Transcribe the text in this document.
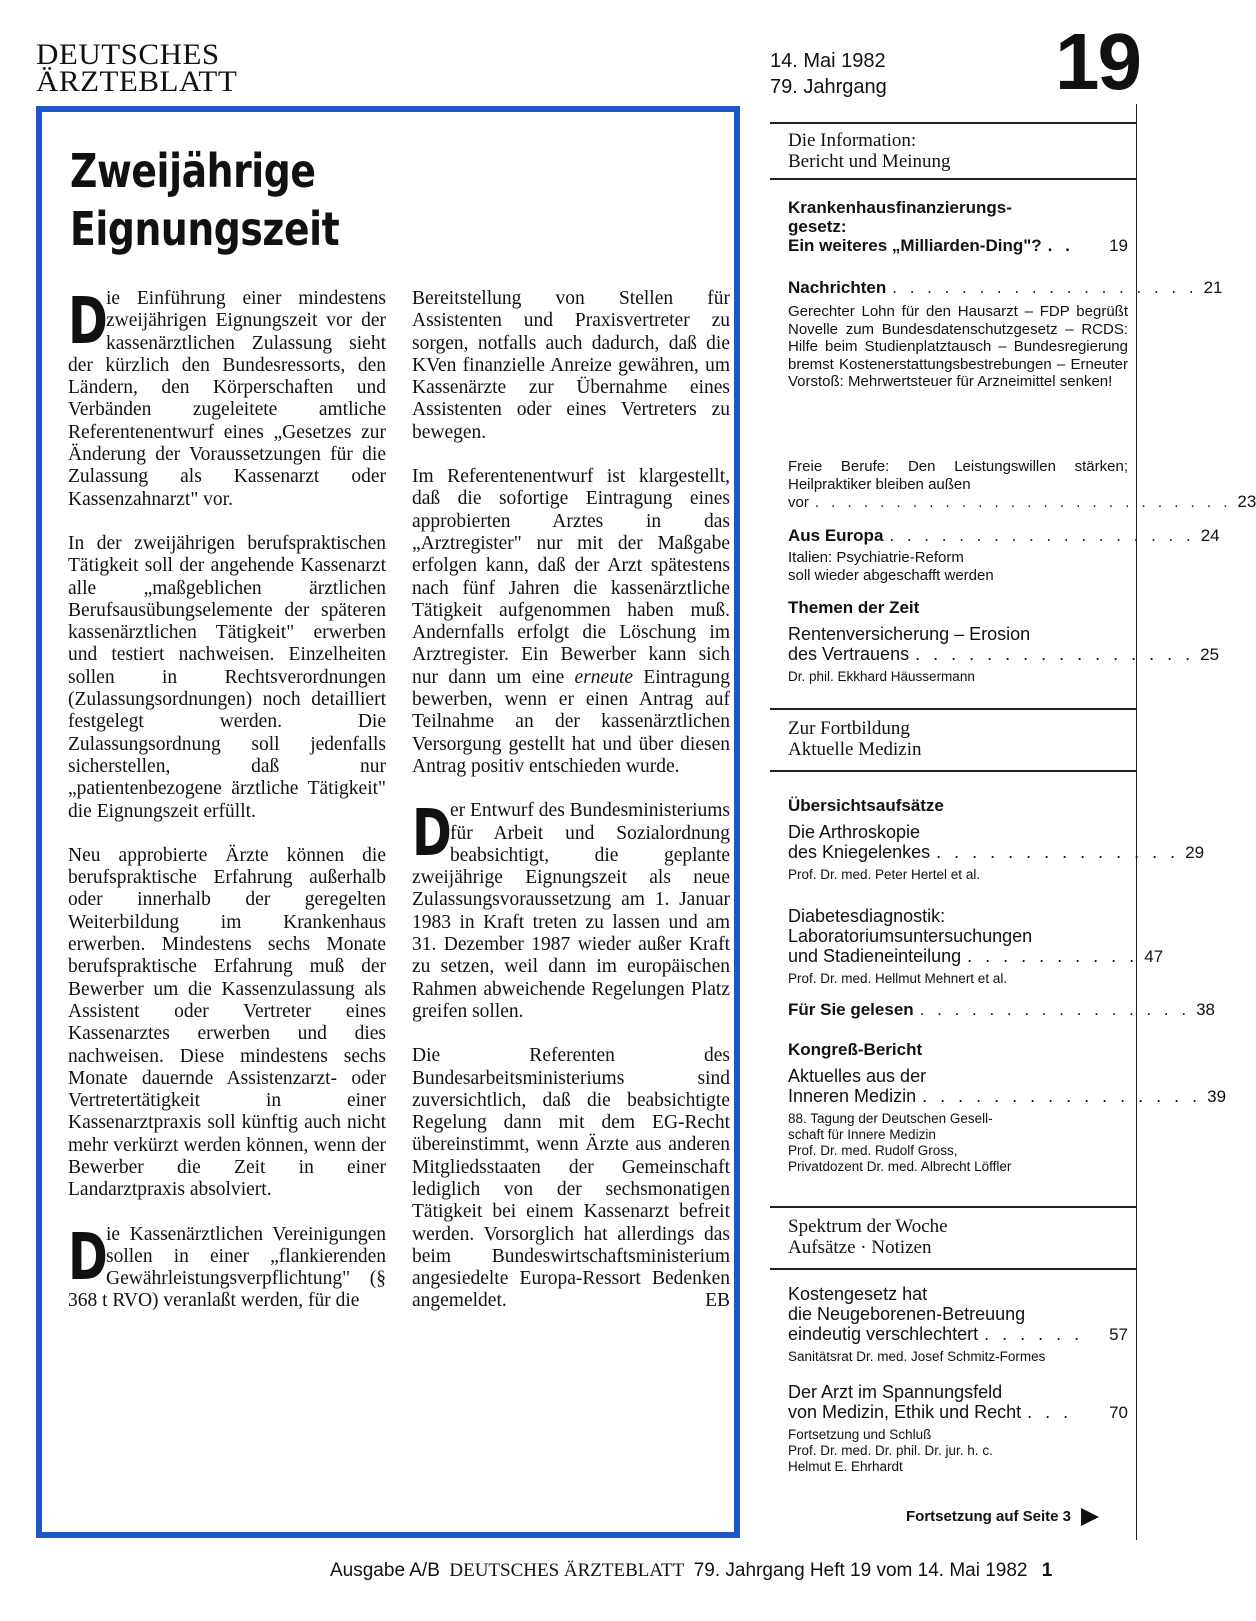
DEUTSCHES
ÄRZTEBLATT
14. Mai 1982
79. Jahrgang 19
Zweijährige
Eignungszeit

D
ie Einführung einer mindestens zweijährigen Eignungszeit vor der kassenärztlichen Zulassung sieht der kürzlich den Bundesressorts, den Ländern, den Körperschaften und Verbänden zugeleitete amtliche Referentenentwurf eines „Gesetzes zur Änderung der Voraussetzungen für die Zulassung als Kassenarzt oder Kassenzahnarzt" vor.

In der zweijährigen berufspraktischen Tätigkeit soll der angehende Kassenarzt alle „maßgeblichen ärztlichen Berufsausübungselemente der späteren kassenärztlichen Tätigkeit" erwerben und testiert nachweisen. Einzelheiten sollen in Rechtsverordnungen (Zulassungsordnungen) noch detailliert festgelegt werden. Die Zulassungsordnung soll jedenfalls sicherstellen, daß nur „patientenbezogene ärztliche Tätigkeit" die Eignungszeit erfüllt.

Neu approbierte Ärzte können die berufspraktische Erfahrung außerhalb oder innerhalb der geregelten Weiterbildung im Krankenhaus erwerben. Mindestens sechs Monate berufspraktische Erfahrung muß der Bewerber um die Kassenzulassung als Assistent oder Vertreter eines Kassenarztes erwerben und dies nachweisen. Diese mindestens sechs Monate dauernde Assistenzarzt- oder Vertretertätigkeit in einer Kassenarztpraxis soll künftig auch nicht mehr verkürzt werden können, wenn der Bewerber die Zeit in einer Landarztpraxis absolviert.

D
ie Kassenärztlichen Vereinigungen sollen in einer „flankierenden Gewährleistungsverpflichtung" (§ 368 t RVO) veranlaßt werden, für die

Bereitstellung von Stellen für Assistenten und Praxisvertreter zu sorgen, notfalls auch dadurch, daß die KVen finanzielle Anreize gewähren, um Kassenärzte zur Übernahme eines Assistenten oder eines Vertreters zu bewegen.

Im Referentenentwurf ist klargestellt, daß die sofortige Eintragung eines approbierten Arztes in das „Arztregister" nur mit der Maßgabe erfolgen kann, daß der Arzt spätestens nach fünf Jahren die kassenärztliche Tätigkeit aufgenommen haben muß. Andernfalls erfolgt die Löschung im Arztregister. Ein Bewerber kann sich nur dann um eine erneute Eintragung bewerben, wenn er einen Antrag auf Teilnahme an der kassenärztlichen Versorgung gestellt hat und über diesen Antrag positiv entschieden wurde.

D
er Entwurf des Bundesministeriums für Arbeit und Sozialordnung beabsichtigt, die geplante zweijährige Eignungszeit als neue Zulassungsvoraussetzung am 1. Januar 1983 in Kraft treten zu lassen und am 31. Dezember 1987 wieder außer Kraft zu setzen, weil dann im europäischen Rahmen abweichende Regelungen Platz greifen sollen.

Die Referenten des Bundesarbeitsministeriums sind zuversichtlich, daß die beabsichtigte Regelung dann mit dem EG-Recht übereinstimmt, wenn Ärzte aus anderen Mitgliedsstaaten der Gemeinschaft lediglich von der sechsmonatigen Tätigkeit bei einem Kassenarzt befreit werden. Vorsorglich hat allerdings das beim Bundeswirtschaftsministerium angesiedelte Europa-Ressort Bedenken angemeldet.	EB

Die Information:
Bericht und Meinung
Krankenhausfinanzierungs-
gesetz:
Ein weiteres „Milliarden-Ding"? . .	19
Nachrichten . . . . . . . . . . . . . . . . . . 21
Gerechter Lohn für den Hausarzt – FDP begrüßt Novelle zum Bundesdatenschutzgesetz – RCDS: Hilfe beim Studienplatztausch – Bundesregierung bremst Kostenerstattungsbestrebungen – Erneuter Vorstoß: Mehrwertsteuer für Arzneimittel senken!
Freie Berufe: Den Leistungswillen stärken; Heilpraktiker bleiben außen
vor . . . . . . . . . . . . . . . . . . . . . . . . . . 23
Aus Europa . . . . . . . . . . . . . . . . . . 24
Italien: Psychiatrie-Reform
soll wieder abgeschafft werden
Themen der Zeit
Rentenversicherung – Erosion
des Vertrauens . . . . . . . . . . . . . . . . 25
Dr. phil. Ekkhard Häussermann
Zur Fortbildung
Aktuelle Medizin
Übersichtsaufsätze
Die Arthroskopie
des Kniegelenkes . . . . . . . . . . . . . . 29
Prof. Dr. med. Peter Hertel et al.
Diabetesdiagnostik:
Laboratoriumsuntersuchungen
und Stadieneinteilung . . . . . . . . . . 47
Prof. Dr. med. Hellmut Mehnert et al.
Für Sie gelesen . . . . . . . . . . . . . . . . 38
Kongreß-Bericht
Aktuelles aus der
Inneren Medizin . . . . . . . . . . . . . . . . 39
88. Tagung der Deutschen Gesell-
schaft für Innere Medizin
Prof. Dr. med. Rudolf Gross,
Privatdozent Dr. med. Albrecht Löffler
Spektrum der Woche
Aufsätze · Notizen
Kostengesetz hat
die Neugeborenen-Betreuung
eindeutig verschlechtert . . . . . .	57
Sanitätsrat Dr. med. Josef Schmitz-Formes
Der Arzt im Spannungsfeld
von Medizin, Ethik und Recht . . .	70
Fortsetzung und Schluß
Prof. Dr. med. Dr. phil. Dr. jur. h. c.
Helmut E. Ehrhardt
Fortsetzung auf Seite 3
Ausgabe A/B DEUTSCHES ÄRZTEBLATT 79. Jahrgang Heft 19 vom 14. Mai 1982 1
